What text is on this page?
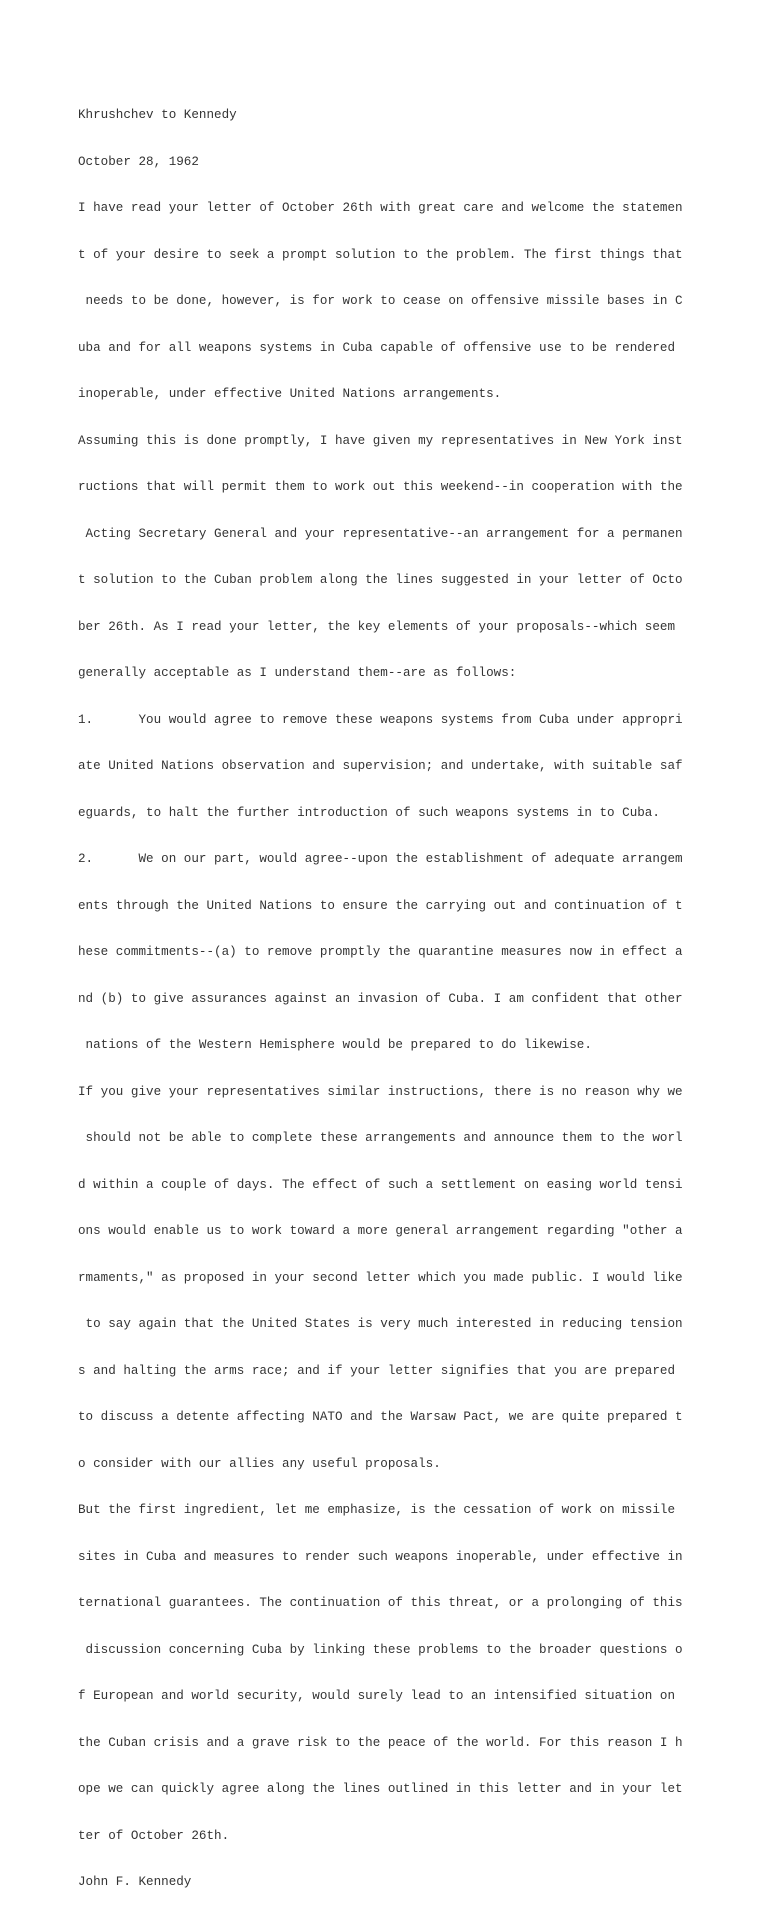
Khrushchev to Kennedy

October 28, 1962

I have read your letter of October 26th with great care and welcome the statemen

t of your desire to seek a prompt solution to the problem. The first things that

needs to be done, however, is for work to cease on offensive missile bases in C

uba and for all weapons systems in Cuba capable of offensive use to be rendered

inoperable, under effective United Nations arrangements.

Assuming this is done promptly, I have given my representatives in New York inst

ructions that will permit them to work out this weekend--in cooperation with the

Acting Secretary General and your representative--an arrangement for a permanen

t solution to the Cuban problem along the lines suggested in your letter of Octo

ber 26th. As I read your letter, the key elements of your proposals--which seem

generally acceptable as I understand them--are as follows:

1.      You would agree to remove these weapons systems from Cuba under appropri

ate United Nations observation and supervision; and undertake, with suitable saf

eguards, to halt the further introduction of such weapons systems in to Cuba.

2.      We on our part, would agree--upon the establishment of adequate arrangem

ents through the United Nations to ensure the carrying out and continuation of t

hese commitments--(a) to remove promptly the quarantine measures now in effect a

nd (b) to give assurances against an invasion of Cuba. I am confident that other

nations of the Western Hemisphere would be prepared to do likewise.

If you give your representatives similar instructions, there is no reason why we

should not be able to complete these arrangements and announce them to the worl

d within a couple of days. The effect of such a settlement on easing world tensi

ons would enable us to work toward a more general arrangement regarding "other a

rmaments," as proposed in your second letter which you made public. I would like

to say again that the United States is very much interested in reducing tension

s and halting the arms race; and if your letter signifies that you are prepared

to discuss a detente affecting NATO and the Warsaw Pact, we are quite prepared t

o consider with our allies any useful proposals.

But the first ingredient, let me emphasize, is the cessation of work on missile

sites in Cuba and measures to render such weapons inoperable, under effective in

ternational guarantees. The continuation of this threat, or a prolonging of this

discussion concerning Cuba by linking these problems to the broader questions o

f European and world security, would surely lead to an intensified situation on

the Cuban crisis and a grave risk to the peace of the world. For this reason I h

ope we can quickly agree along the lines outlined in this letter and in your let

ter of October 26th.

John F. Kennedy
